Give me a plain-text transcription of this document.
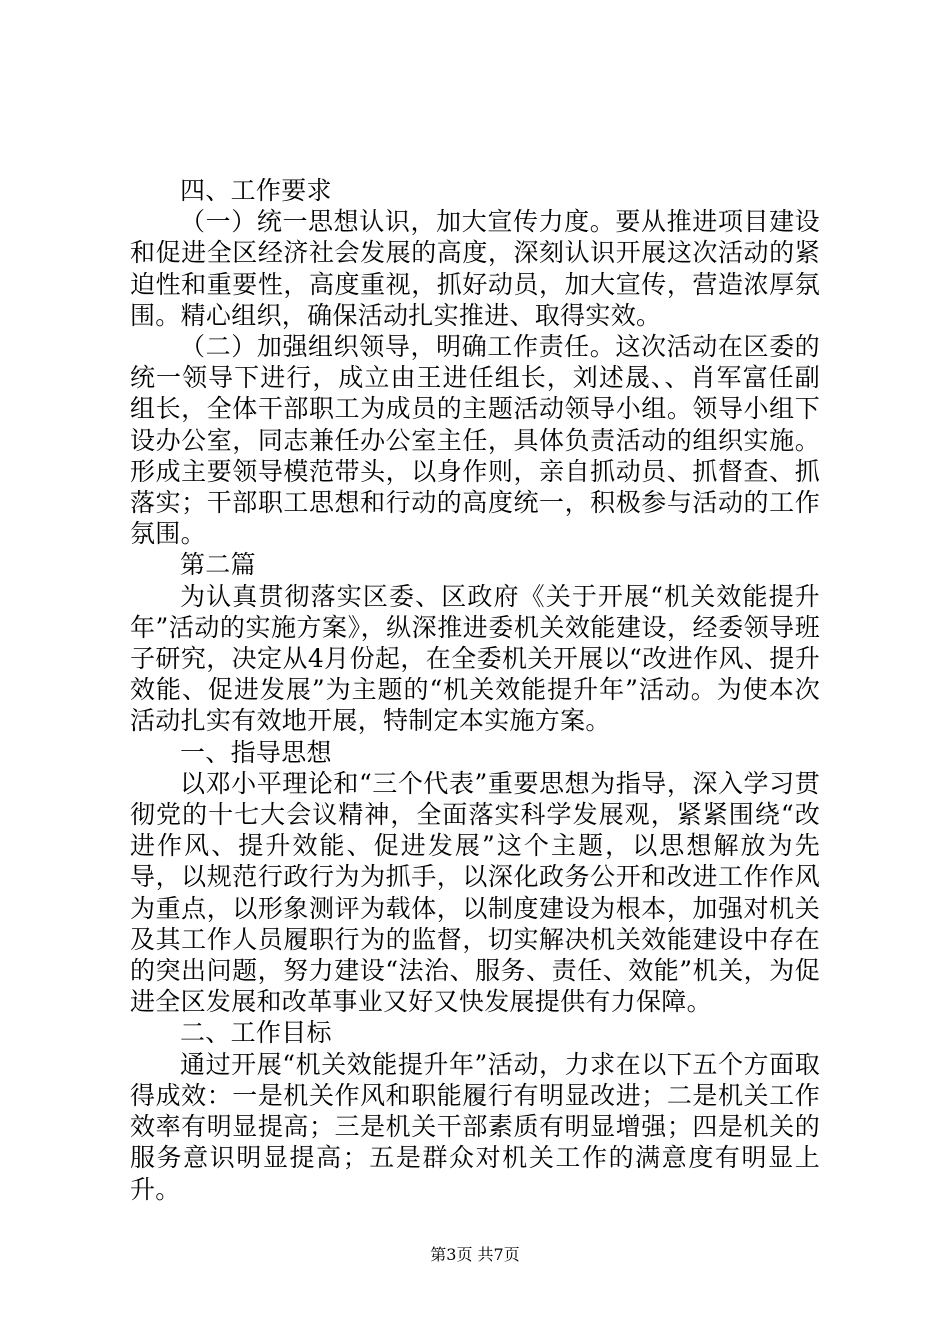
四、工作要求

（一）统一思想认识，加大宣传力度。要从推进项目建设和促进全区经济社会发展的高度，深刻认识开展这次活动的紧迫性和重要性，高度重视，抓好动员，加大宣传，营造浓厚氛围。精心组织，确保活动扎实推进、取得实效。

（二）加强组织领导，明确工作责任。这次活动在区委的统一领导下进行，成立由王进任组长，刘述晟、、肖军富任副组长，全体干部职工为成员的主题活动领导小组。领导小组下设办公室，同志兼任办公室主任，具体负责活动的组织实施。形成主要领导模范带头，以身作则，亲自抓动员、抓督查、抓落实；干部职工思想和行动的高度统一，积极参与活动的工作氛围。

第二篇

为认真贯彻落实区委、区政府《关于开展“机关效能提升年”活动的实施方案》，纵深推进委机关效能建设，经委领导班子研究，决定从4月份起，在全委机关开展以“改进作风、提升效能、促进发展”为主题的“机关效能提升年”活动。为使本次活动扎实有效地开展，特制定本实施方案。

一、指导思想

以邓小平理论和“三个代表”重要思想为指导，深入学习贯彻党的十七大会议精神，全面落实科学发展观，紧紧围绕“改进作风、提升效能、促进发展”这个主题，以思想解放为先导，以规范行政行为为抓手，以深化政务公开和改进工作作风为重点，以形象测评为载体，以制度建设为根本，加强对机关及其工作人员履职行为的监督，切实解决机关效能建设中存在的突出问题，努力建设“法治、服务、责任、效能”机关，为促进全区发展和改革事业又好又快发展提供有力保障。

二、工作目标

通过开展“机关效能提升年”活动，力求在以下五个方面取得成效：一是机关作风和职能履行有明显改进；二是机关工作效率有明显提高；三是机关干部素质有明显增强；四是机关的服务意识明显提高；五是群众对机关工作的满意度有明显上升。

第3页 共7页
